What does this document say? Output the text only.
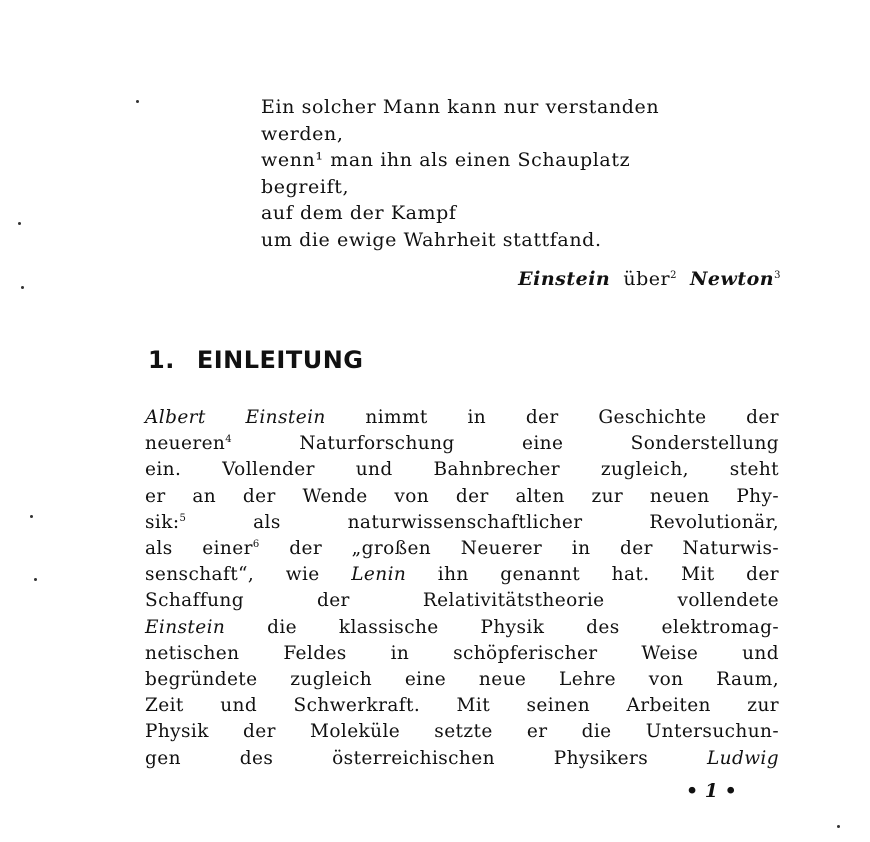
Ein solcher Mann kann nur verstanden
werden,
wenn¹ man ihn als einen Schauplatz
begreift,
auf dem der Kampf
um die ewige Wahrheit stattfand.
Einstein über$^2$ Newton$^3$
1. EINLEITUNG
Albert Einstein nimmt in der Geschichte der
neueren$^4$ Naturforschung eine Sonderstellung
ein. Vollender und Bahnbrecher zugleich, steht
er an der Wende von der alten zur neuen Phy-
sik:$^5$ als naturwissenschaftlicher Revolutionär,
als einer$^6$ der „großen Neuerer in der Naturwis-
senschaft“, wie Lenin ihn genannt hat. Mit der
Schaffung der Relativitätstheorie vollendete
Einstein die klassische Physik des elektromag-
netischen Feldes in schöpferischer Weise und
begründete zugleich eine neue Lehre von Raum,
Zeit und Schwerkraft. Mit seinen Arbeiten zur
Physik der Moleküle setzte er die Untersuchun-
gen des österreichischen Physikers Ludwig
• 1 •
